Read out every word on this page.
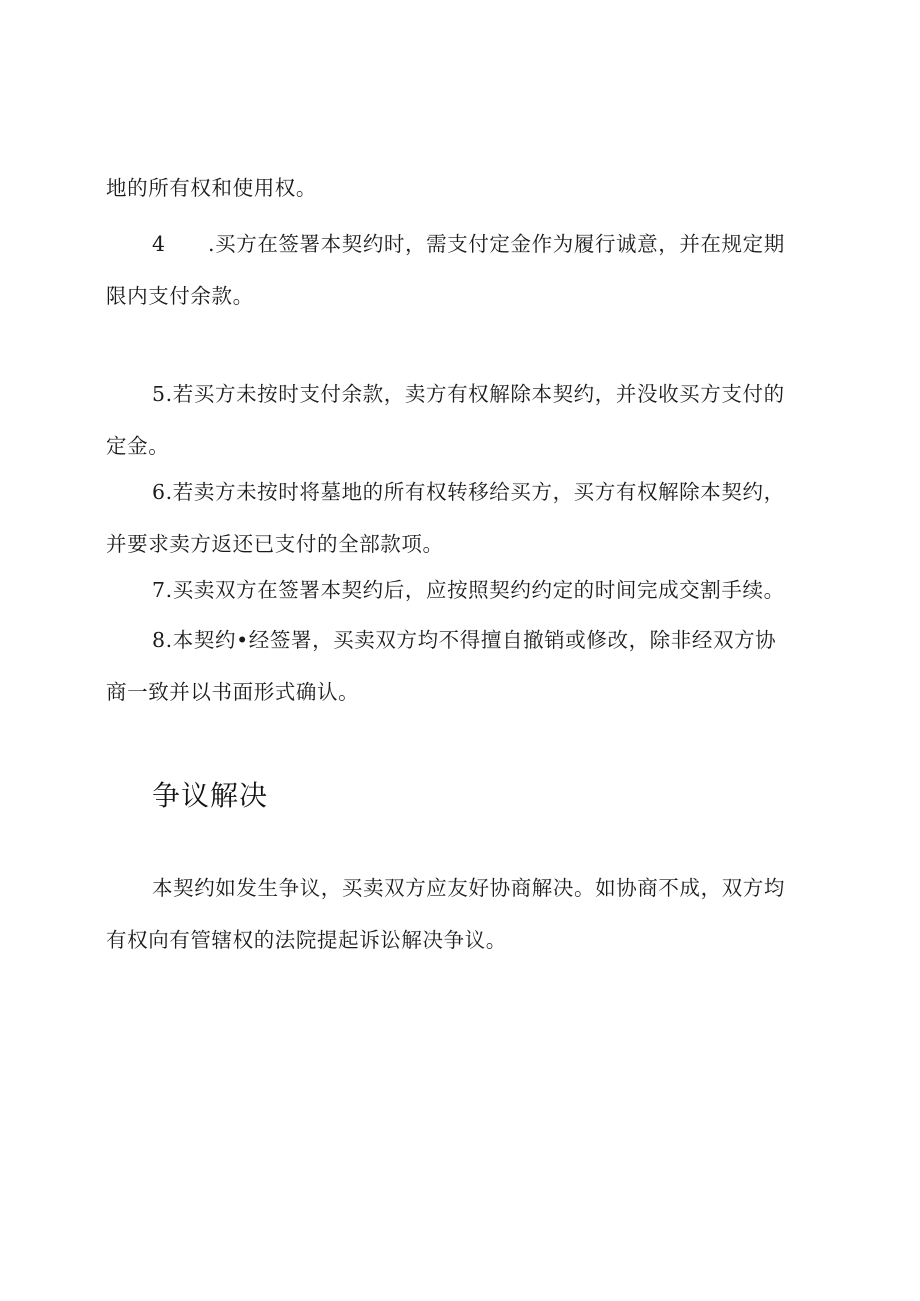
地的所有权和使用权。

4 .买方在签署本契约时，需支付定金作为履行诚意，并在规定期
限内支付余款。

5.若买方未按时支付余款，卖方有权解除本契约，并没收买方支付的
定金。

6.若卖方未按时将墓地的所有权转移给买方，买方有权解除本契约，
并要求卖方返还已支付的全部款项。

7.买卖双方在签署本契约后，应按照契约约定的时间完成交割手续。

8.本契约•经签署，买卖双方均不得擅自撤销或修改，除非经双方协
商一致并以书面形式确认。

争议解决

本契约如发生争议，买卖双方应友好协商解决。如协商不成，双方均
有权向有管辖权的法院提起诉讼解决争议。
